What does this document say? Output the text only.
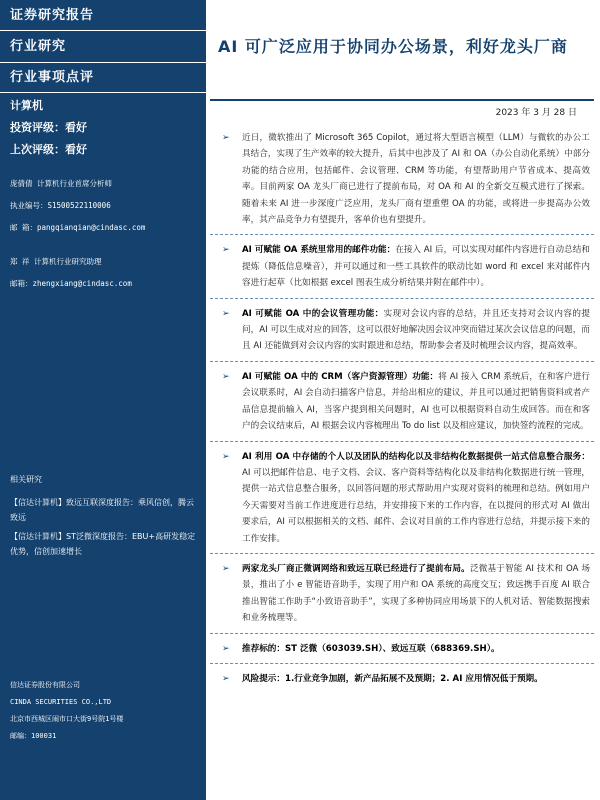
证券研究报告
行业研究
行业事项点评
计算机
投资评级：看好
上次评级：看好
庞倩倩 计算机行业首席分析师
执业编号：S1500522110006
邮 箱：pangqianqian@cindasc.com
郑 祥 计算机行业研究助理
邮箱：zhengxiang@cindasc.com
相关研究

【信达计算机】致远互联深度报告：乘风信创，腾云致远

【信达计算机】ST泛微深度报告：EBU+高研发稳定优势，信创加速增长

信达证券股份有限公司
CINDA SECURITIES CO.,LTD
北京市西城区闹市口大街9号院1号楼
邮编：100031
AI 可广泛应用于协同办公场景，利好龙头厂商
2023 年 3 月 28 日
➢ 近日，微软推出了 Microsoft 365 Copilot，通过将大型语言模型（LLM）与微软的办公工具结合，实现了生产效率的较大提升，后其中也涉及了 AI 和 OA（办公自动化系统）中部分功能的结合应用，包括邮件、会议管理、CRM 等功能，有望帮助用户节省成本、提高效率。目前两家 OA 龙头厂商已进行了提前布局，对 OA 和 AI 的全新交互模式进行了探索。随着未来 AI 进一步深度广泛应用，龙头厂商有望重塑 OA 的功能，或将进一步提高办公效率，其产品竞争力有望提升，客单价也有望提升。
➢ AI 可赋能 OA 系统里常用的邮件功能：在接入 AI 后，可以实现对邮件内容进行自动总结和提炼（降低信息噪音），并可以通过和一些工具软件的联动比如 word 和 excel 来对邮件内容进行起草（比如根据 excel 图表生成分析结果并附在邮件中）。
➢ AI 可赋能 OA 中的会议管理功能：实现对会议内容的总结，并且还支持对会议内容的提问，AI 可以生成对应的回答，这可以很好地解决因会议冲突而错过某次会议信息的问题，而且 AI 还能做到对会议内容的实时跟进和总结，帮助参会者及时梳理会议内容，提高效率。
➢ AI 可赋能 OA 中的 CRM（客户资源管理）功能：将 AI 接入 CRM 系统后，在和客户进行会议联系时，AI 会自动扫描客户信息，并给出相应的建议，并且可以通过把销售资料或者产品信息提前输入 AI，当客户提到相关问题时，AI 也可以根据资料自动生成回答。而在和客户的会议结束后，AI 根据会议内容梳理出 To do list 以及相应建议，加快签约流程的完成。
➢ AI 利用 OA 中存储的个人以及团队的结构化以及非结构化数据提供一站式信息整合服务：AI 可以把邮件信息、电子文档、会议、客户资料等结构化以及非结构化数据进行统一管理，提供一站式信息整合服务，以回答问题的形式帮助用户实现对资料的梳理和总结。例如用户今天需要对当前工作进度进行总结，并安排接下来的工作内容，在以提问的形式对 AI 做出要求后，AI 可以根据相关的文档、邮件、会议对目前的工作内容进行总结，并提示接下来的工作安排。
➢ 两家龙头厂商正微调网络和致远互联已经进行了提前布局。泛微基于智能 AI 技术和 OA 场景，推出了小 e 智能语音助手，实现了用户和 OA 系统的高度交互；致远携手百度 AI 联合推出智能工作助手“小致语音助手”，实现了多种协同应用场景下的人机对话、智能数据搜索和业务梳理等。
➢ 推荐标的：ST 泛微（603039.SH）、致远互联（688369.SH）。
➢ 风险提示：1.行业竞争加剧，新产品拓展不及预期；2. AI 应用情况低于预期。
